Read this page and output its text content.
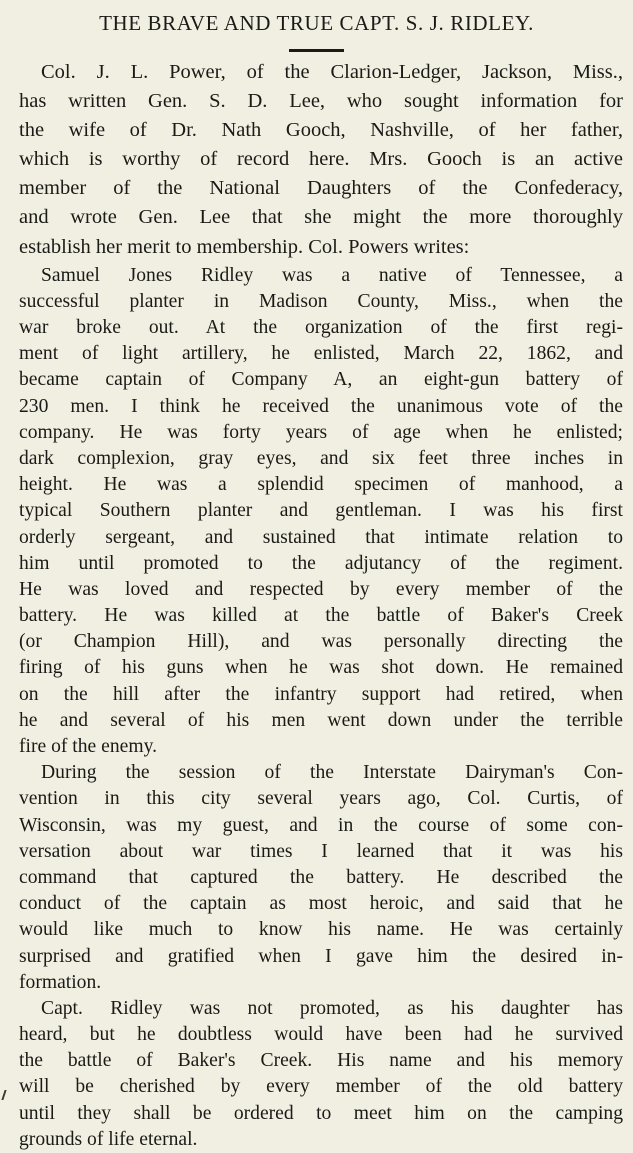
THE BRAVE AND TRUE CAPT. S. J. RIDLEY.
Col. J. L. Power, of the Clarion-Ledger, Jackson, Miss.,
has written Gen. S. D. Lee, who sought information for
the wife of Dr. Nath Gooch, Nashville, of her father,
which is worthy of record here. Mrs. Gooch is an active
member of the National Daughters of the Confederacy,
and wrote Gen. Lee that she might the more thoroughly
establish her merit to membership. Col. Powers writes:
Samuel Jones Ridley was a native of Tennessee, a
successful planter in Madison County, Miss., when the
war broke out. At the organization of the first regi-
ment of light artillery, he enlisted, March 22, 1862, and
became captain of Company A, an eight-gun battery of
230 men. I think he received the unanimous vote of the
company. He was forty years of age when he enlisted;
dark complexion, gray eyes, and six feet three inches in
height. He was a splendid specimen of manhood, a
typical Southern planter and gentleman. I was his first
orderly sergeant, and sustained that intimate relation to
him until promoted to the adjutancy of the regiment.
He was loved and respected by every member of the
battery. He was killed at the battle of Baker's Creek
(or Champion Hill), and was personally directing the
firing of his guns when he was shot down. He remained
on the hill after the infantry support had retired, when
he and several of his men went down under the terrible
fire of the enemy.
During the session of the Interstate Dairyman's Con-
vention in this city several years ago, Col. Curtis, of
Wisconsin, was my guest, and in the course of some con-
versation about war times I learned that it was his
command that captured the battery. He described the
conduct of the captain as most heroic, and said that he
would like much to know his name. He was certainly
surprised and gratified when I gave him the desired in-
formation.
Capt. Ridley was not promoted, as his daughter has
heard, but he doubtless would have been had he survived
the battle of Baker's Creek. His name and his memory
will be cherished by every member of the old battery
until they shall be ordered to meet him on the camping
grounds of life eternal.
